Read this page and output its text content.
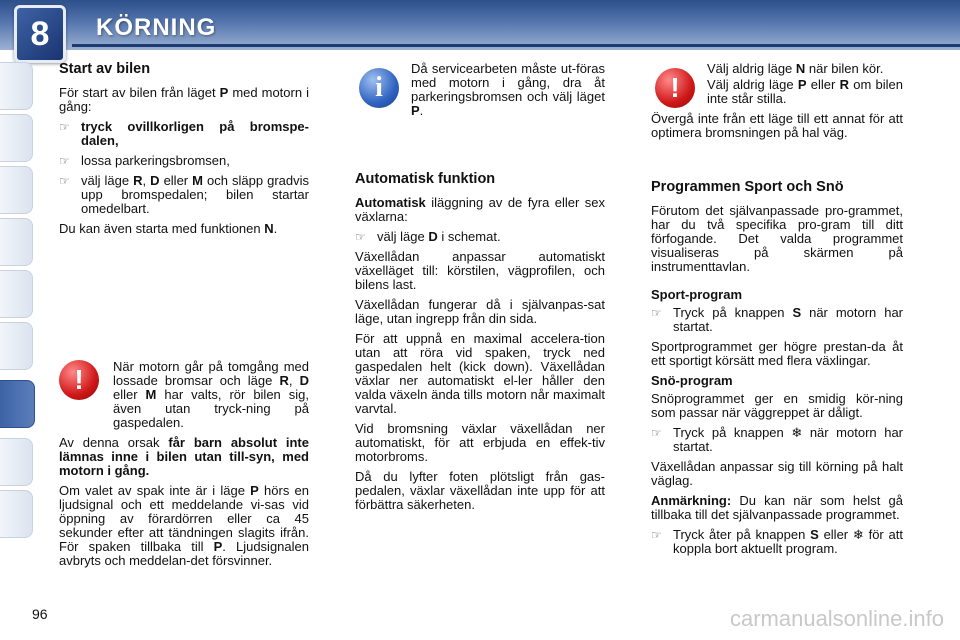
8	KÖRNING
Start av bilen

För start av bilen från läget P med motorn i gång:

☞ tryck ovillkorligen på bromspe-dalen,
☞ lossa parkeringsbromsen,
☞ välj läge R, D eller M och släpp gradvis upp bromspedalen; bilen startar omedelbart.

Du kan även starta med funktionen N.

!	När motorn går på tomgång med lossade bromsar och läge R, D eller M har valts, rör bilen sig, även utan tryck-ning på gaspedalen.

Av denna orsak får barn absolut inte lämnas inne i bilen utan till-syn, med motorn i gång.

Om valet av spak inte är i läge P hörs en ljudsignal och ett meddelande vi-sas vid öppning av förardörren eller ca 45 sekunder efter att tändningen slagits ifrån. För spaken tillbaka till P. Ljudsignalen avbryts och meddelan-det försvinner.

i

Då servicearbeten måste ut-föras med motorn i gång, dra åt parkeringsbromsen och välj läget P.

Automatisk funktion

Automatisk iläggning av de fyra eller sex växlarna:

☞ välj läge D i schemat.

Växellådan anpassar automatiskt växelläget till: körstilen, vägprofilen, och bilens last.

Växellådan fungerar då i självanpas-sat läge, utan ingrepp från din sida.

För att uppnå en maximal accelera-tion utan att röra vid spaken, tryck ned gaspedalen helt (kick down). Växellådan växlar ner automatiskt el-ler håller den valda växeln ända tills motorn når maximalt varvtal.

Vid bromsning växlar växellådan ner automatiskt, för att erbjuda en effek-tiv motorbroms.

Då du lyfter foten plötsligt från gas-pedalen, växlar växellådan inte upp för att förbättra säkerheten.

!

Välj aldrig läge N när bilen kör.

Välj aldrig läge P eller R om bilen inte står stilla.

Övergå inte från ett läge till ett annat för att optimera bromsningen på hal väg.

Programmen Sport och Snö

Förutom det självanpassade pro-grammet, har du två specifika pro-gram till ditt förfogande. Det valda programmet visualiseras på skärmen på instrumenttavlan.

Sport-program
☞ Tryck på knappen S när motorn har startat.

Sportprogrammet ger högre prestan-da åt ett sportigt körsätt med flera växlingar.

Snö-program

Snöprogrammet ger en smidig kör-ning som passar när väggreppet är dåligt.

☞ Tryck på knappen ❄ när motorn har startat.

Växellådan anpassar sig till körning på halt väglag.

Anmärkning: Du kan när som helst gå tillbaka till det självanpassade programmet.

☞ Tryck åter på knappen S eller ❄ för att koppla bort aktuellt program.
96	carmanualsonline.info
